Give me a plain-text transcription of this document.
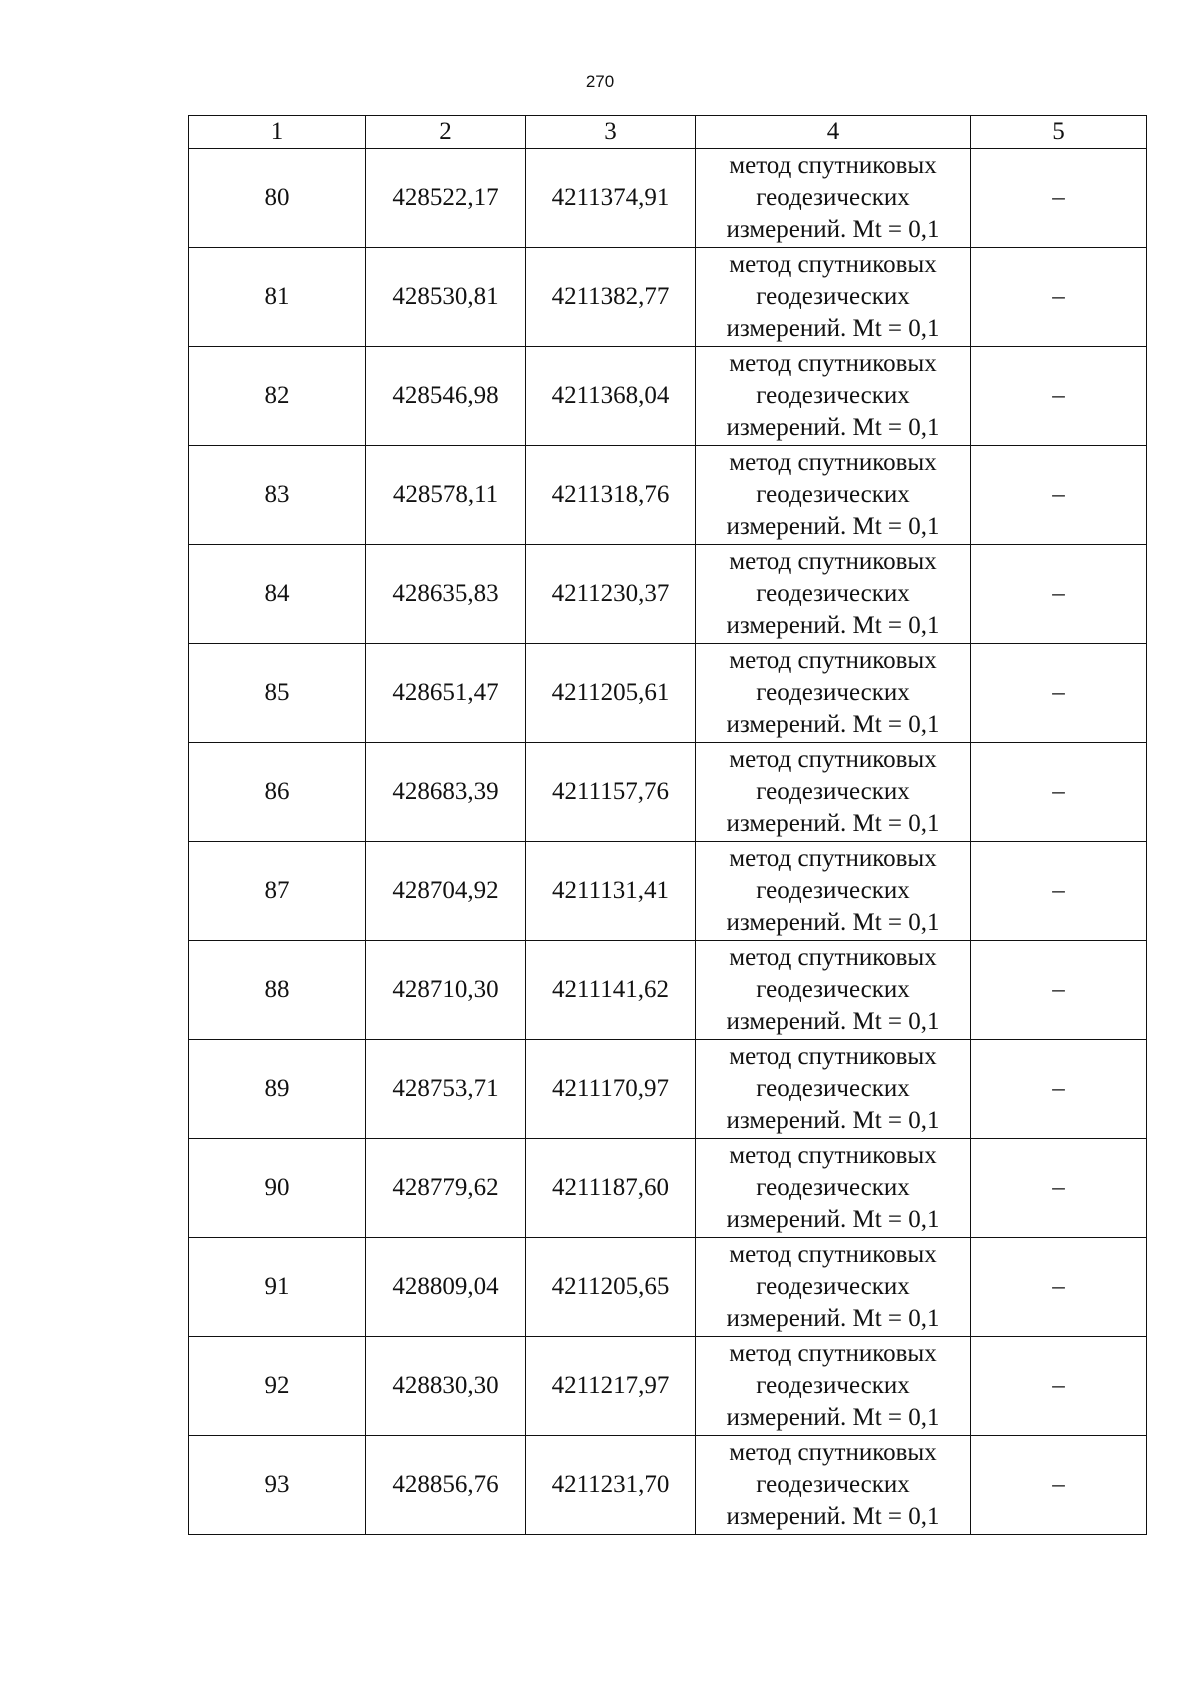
270
1	2	3	4	5
80	428522,17	4211374,91	метод спутниковых
геодезических
измерений. Mt = 0,1	–
81	428530,81	4211382,77	метод спутниковых
геодезических
измерений. Mt = 0,1	–
82	428546,98	4211368,04	метод спутниковых
геодезических
измерений. Mt = 0,1	–
83	428578,11	4211318,76	метод спутниковых
геодезических
измерений. Mt = 0,1	–
84	428635,83	4211230,37	метод спутниковых
геодезических
измерений. Mt = 0,1	–
85	428651,47	4211205,61	метод спутниковых
геодезических
измерений. Mt = 0,1	–
86	428683,39	4211157,76	метод спутниковых
геодезических
измерений. Mt = 0,1	–
87	428704,92	4211131,41	метод спутниковых
геодезических
измерений. Mt = 0,1	–
88	428710,30	4211141,62	метод спутниковых
геодезических
измерений. Mt = 0,1	–
89	428753,71	4211170,97	метод спутниковых
геодезических
измерений. Mt = 0,1	–
90	428779,62	4211187,60	метод спутниковых
геодезических
измерений. Mt = 0,1	–
91	428809,04	4211205,65	метод спутниковых
геодезических
измерений. Mt = 0,1	–
92	428830,30	4211217,97	метод спутниковых
геодезических
измерений. Mt = 0,1	–
93	428856,76	4211231,70	метод спутниковых
геодезических
измерений. Mt = 0,1	–
